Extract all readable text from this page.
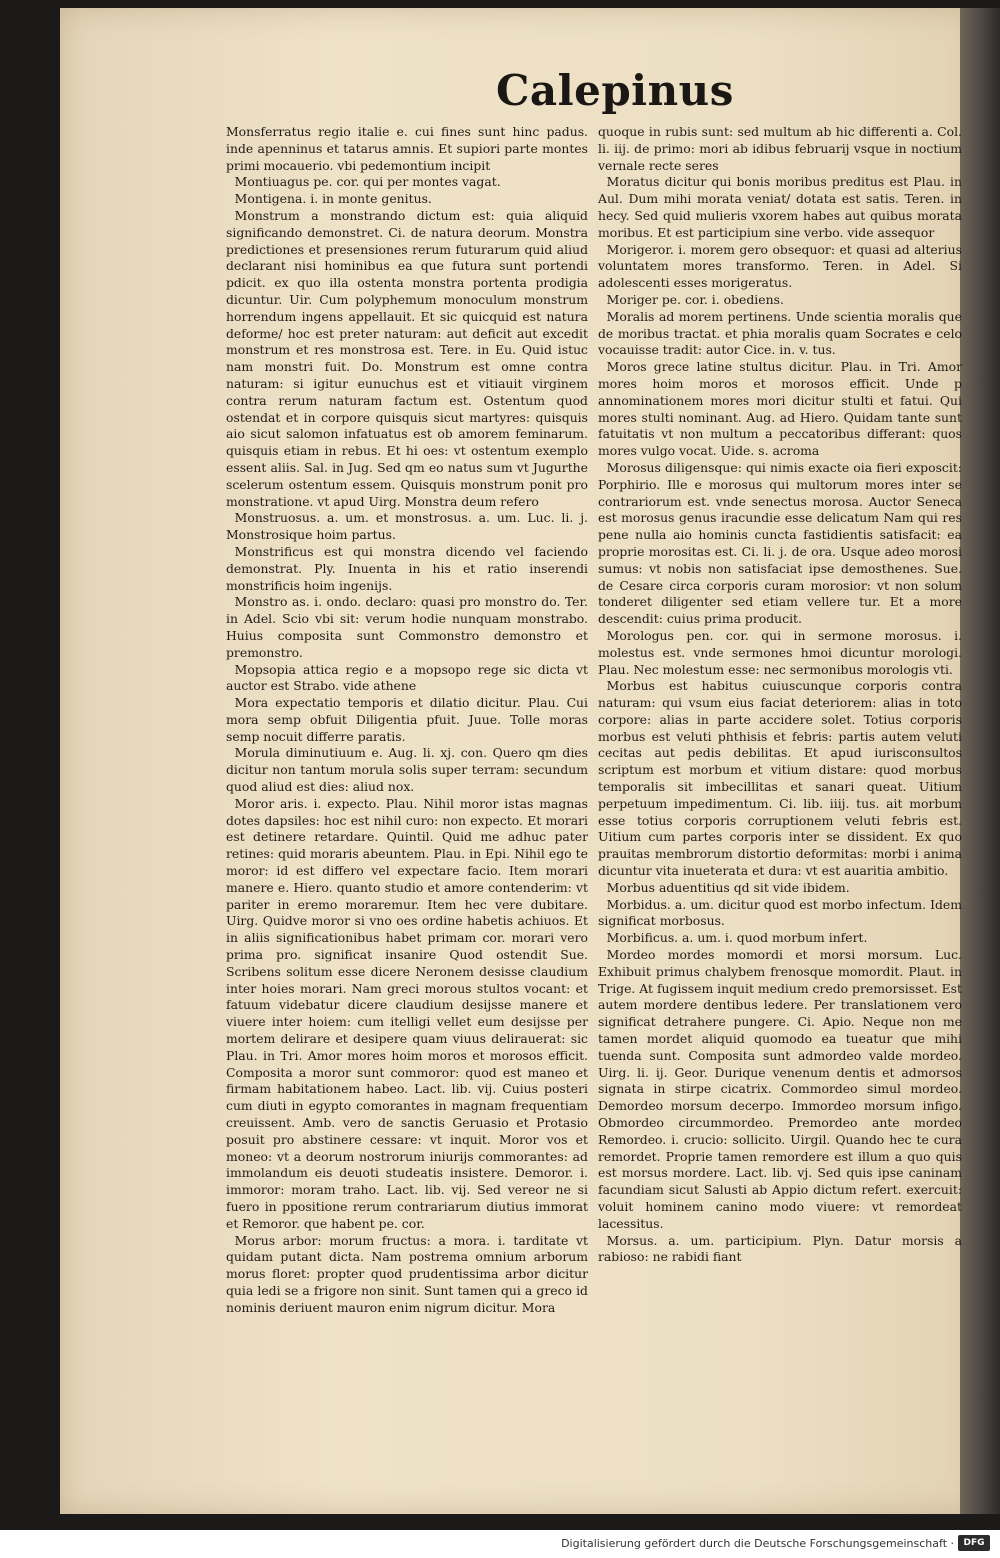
Calepinus

Monsferratus regio italie e. cui fines sunt hinc padus. inde apenninus et tatarus amnis. Et supiori parte montes primi mocauerio. vbi pedemontium incipit

Montiuagus pe. cor. qui per montes vagat.

Montigena. i. in monte genitus.

Monstrum a monstrando dictum est: quia aliquid significando demonstret. Ci. de natura deorum. Monstra predictiones et presensiones rerum futurarum quid aliud declarant nisi hominibus ea que futura sunt portendi pdicit. ex quo illa ostenta monstra portenta prodigia dicuntur. Uir. Cum polyphemum monoculum monstrum horrendum ingens appellauit. Et sic quicquid est natura deforme/ hoc est preter naturam: aut deficit aut excedit monstrum et res monstrosa est. Tere. in Eu. Quid istuc nam monstri fuit. Do. Monstrum est omne contra naturam: si igitur eunuchus est et vitiauit virginem contra rerum naturam factum est. Ostentum quod ostendat et in corpore quisquis sicut martyres: quisquis aio sicut salomon infatuatus est ob amorem feminarum. quisquis etiam in rebus. Et hi oes: vt ostentum exemplo essent aliis. Sal. in Jug. Sed qm eo natus sum vt Jugurthe scelerum ostentum essem. Quisquis monstrum ponit pro monstratione. vt apud Uirg. Monstra deum refero

Monstruosus. a. um. et monstrosus. a. um. Luc. li. j. Monstrosique hoim partus.

Monstrificus est qui monstra dicendo vel faciendo demonstrat. Ply. Inuenta in his et ratio inserendi monstrificis hoim ingenijs.

Monstro as. i. ondo. declaro: quasi pro monstro do. Ter. in Adel. Scio vbi sit: verum hodie nunquam monstrabo. Huius composita sunt Commonstro demonstro et premonstro.

Mopsopia attica regio e a mopsopo rege sic dicta vt auctor est Strabo. vide athene

Mora expectatio temporis et dilatio dicitur. Plau. Cui mora semp obfuit Diligentia pfuit. Juue. Tolle moras semp nocuit differre paratis.

Morula diminutiuum e. Aug. li. xj. con. Quero qm dies dicitur non tantum morula solis super terram: secundum quod aliud est dies: aliud nox.

Moror aris. i. expecto. Plau. Nihil moror istas magnas dotes dapsiles: hoc est nihil curo: non expecto. Et morari est detinere retardare. Quintil. Quid me adhuc pater retines: quid moraris abeuntem. Plau. in Epi. Nihil ego te moror: id est differo vel expectare facio. Item morari manere e. Hiero. quanto studio et amore contenderim: vt pariter in eremo moraremur. Item hec vere dubitare. Uirg. Quidve moror si vno oes ordine habetis achiuos. Et in aliis significationibus habet primam cor. morari vero prima pro. significat insanire Quod ostendit Sue. Scribens solitum esse dicere Neronem desisse claudium inter hoies morari. Nam greci morous stultos vocant: et fatuum videbatur dicere claudium desijsse manere et viuere inter hoiem: cum itelligi vellet eum desijsse per mortem delirare et desipere quam viuus delirauerat: sic Plau. in Tri. Amor mores hoim moros et morosos efficit. Composita a moror sunt commoror: quod est maneo et firmam habitationem habeo. Lact. lib. vij. Cuius posteri cum diuti in egypto comorantes in magnam frequentiam creuissent. Amb. vero de sanctis Geruasio et Protasio posuit pro abstinere cessare: vt inquit. Moror vos et moneo: vt a deorum nostrorum iniurijs commorantes: ad immolandum eis deuoti studeatis insistere. Demoror. i. immoror: moram traho. Lact. lib. vij. Sed vereor ne si fuero in ppositione rerum contrariarum diutius immorat et Remoror. que habent pe. cor.

Morus arbor: morum fructus: a mora. i. tarditate vt quidam putant dicta. Nam postrema omnium arborum morus floret: propter quod prudentissima arbor dicitur quia ledi se a frigore non sinit. Sunt tamen qui a greco id nominis deriuent mauron enim nigrum dicitur. Mora

quoque in rubis sunt: sed multum ab hic differenti a. Col. li. iij. de primo: mori ab idibus februarij vsque in noctium vernale recte seres

Moratus dicitur qui bonis moribus preditus est Plau. in Aul. Dum mihi morata veniat/ dotata est satis. Teren. in hecy. Sed quid mulieris vxorem habes aut quibus morata moribus. Et est participium sine verbo. vide assequor

Morigeror. i. morem gero obsequor: et quasi ad alterius voluntatem mores transformo. Teren. in Adel. Si adolescenti esses morigeratus.

Moriger pe. cor. i. obediens.

Moralis ad morem pertinens. Unde scientia moralis que de moribus tractat. et phia moralis quam Socrates e celo vocauisse tradit: autor Cice. in. v. tus.

Moros grece latine stultus dicitur. Plau. in Tri. Amor mores hoim moros et morosos efficit. Unde p annominationem mores mori dicitur stulti et fatui. Qui mores stulti nominant. Aug. ad Hiero. Quidam tante sunt fatuitatis vt non multum a peccatoribus differant: quos mores vulgo vocat. Uide. s. acroma

Morosus diligensque: qui nimis exacte oia fieri exposcit: Porphirio. Ille e morosus qui multorum mores inter se contrariorum est. vnde senectus morosa. Auctor Seneca est morosus genus iracundie esse delicatum Nam qui res pene nulla aio hominis cuncta fastidientis satisfacit: ea proprie morositas est. Ci. li. j. de ora. Usque adeo morosi sumus: vt nobis non satisfaciat ipse demosthenes. Sue. de Cesare circa corporis curam morosior: vt non solum tonderet diligenter sed etiam vellere tur. Et a more descendit: cuius prima producit.

Morologus pen. cor. qui in sermone morosus. i. molestus est. vnde sermones hmoi dicuntur morologi. Plau. Nec molestum esse: nec sermonibus morologis vti.

Morbus est habitus cuiuscunque corporis contra naturam: qui vsum eius faciat deteriorem: alias in toto corpore: alias in parte accidere solet. Totius corporis morbus est veluti phthisis et febris: partis autem veluti cecitas aut pedis debilitas. Et apud iurisconsultos scriptum est morbum et vitium distare: quod morbus temporalis sit imbecillitas et sanari queat. Uitium perpetuum impedimentum. Ci. lib. iiij. tus. ait morbum esse totius corporis corruptionem veluti febris est. Uitium cum partes corporis inter se dissident. Ex quo prauitas membrorum distortio deformitas: morbi i anima dicuntur vita inueterata et dura: vt est auaritia ambitio.

Morbus aduentitius qd sit vide ibidem.

Morbidus. a. um. dicitur quod est morbo infectum. Idem significat morbosus.

Morbificus. a. um. i. quod morbum infert.

Mordeo mordes momordi et morsi morsum. Luc. Exhibuit primus chalybem frenosque momordit. Plaut. in Trige. At fugissem inquit medium credo premorsisset. Est autem mordere dentibus ledere. Per translationem vero significat detrahere pungere. Ci. Apio. Neque non me tamen mordet aliquid quomodo ea tueatur que mihi tuenda sunt. Composita sunt admordeo valde mordeo. Uirg. li. ij. Geor. Durique venenum dentis et admorsos signata in stirpe cicatrix. Commordeo simul mordeo. Demordeo morsum decerpo. Immordeo morsum infigo. Obmordeo circummordeo. Premordeo ante mordeo Remordeo. i. crucio: sollicito. Uirgil. Quando hec te cura remordet. Proprie tamen remordere est illum a quo quis est morsus mordere. Lact. lib. vj. Sed quis ipse caninam facundiam sicut Salusti ab Appio dictum refert. exercuit: voluit hominem canino modo viuere: vt remordeat lacessitus.

Morsus. a. um. participium. Plyn. Datur morsis a rabioso: ne rabidi fiant

Digitalisierung gefördert durch die Deutsche Forschungsgemeinschaft ·	DFG
